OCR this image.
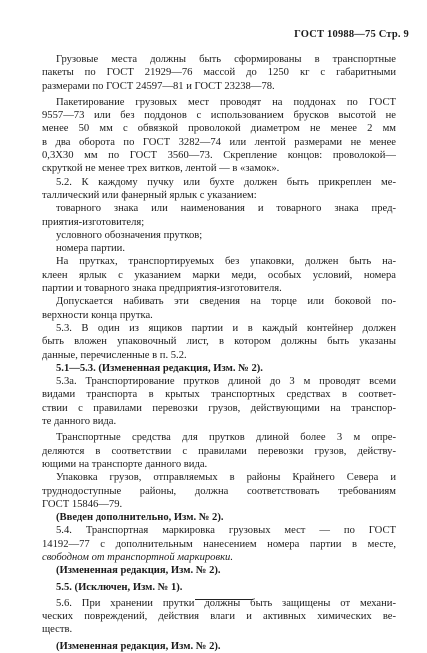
ГОСТ 10988—75 Стр. 9
Грузовые места должны быть сформированы в транспортные
пакеты по ГОСТ 21929—76 массой до 1250 кг с габаритными
размерами по ГОСТ 24597—81 и ГОСТ 23238—78.
Пакетирование грузовых мест проводят на поддонах по ГОСТ
9557—73 или без поддонов с использованием брусков высотой не
менее 50 мм с обвязкой проволокой диаметром не менее 2 мм
в два оборота по ГОСТ 3282—74 или лентой размерами не менее
0,3Х30 мм по ГОСТ 3560—73. Скрепление концов: проволокой—
скруткой не менее трех витков, лентой — в «замок».
5.2. К каждому пучку или бухте должен быть прикреплен ме-
таллический или фанерный ярлык с указанием:
товарного знака или наименования и товарного знака пред-
приятия-изготовителя;
условного обозначения прутков;
номера партии.
На прутках, транспортируемых без упаковки, должен быть на-
клеен ярлык с указанием марки меди, особых условий, номера
партии и товарного знака предприятия-изготовителя.
Допускается набивать эти сведения на торце или боковой по-
верхности конца прутка.
5.3. В один из ящиков партии и в каждый контейнер должен
быть вложен упаковочный лист, в котором должны быть указаны
данные, перечисленные в п. 5.2.
5.1—5.3. (Измененная редакция, Изм. № 2).
5.3а. Транспортирование прутков длиной до 3 м проводят всеми
видами транспорта в крытых транспортных средствах в соответ-
ствии с правилами перевозки грузов, действующими на транспор-
те данного вида.
Транспортные средства для прутков длиной более 3 м опре-
деляются в соответствии с правилами перевозки грузов, действу-
ющими на транспорте данного вида.
Упаковка грузов, отправляемых в районы Крайнего Севера и
труднодоступные районы, должна соответствовать требованиям
ГОСТ 15846—79.
(Введен дополнительно, Изм. № 2).
5.4. Транспортная маркировка грузовых мест — по ГОСТ
14192—77 с дополнительным нанесением номера партии в месте,
свободном от транспортной маркировки.
(Измененная редакция, Изм. № 2).
5.5. (Исключен, Изм. № 1).
5.6. При хранении прутки должны быть защищены от механи-
ческих повреждений, действия влаги и активных химических ве-
ществ.
(Измененная редакция, Изм. № 2).
